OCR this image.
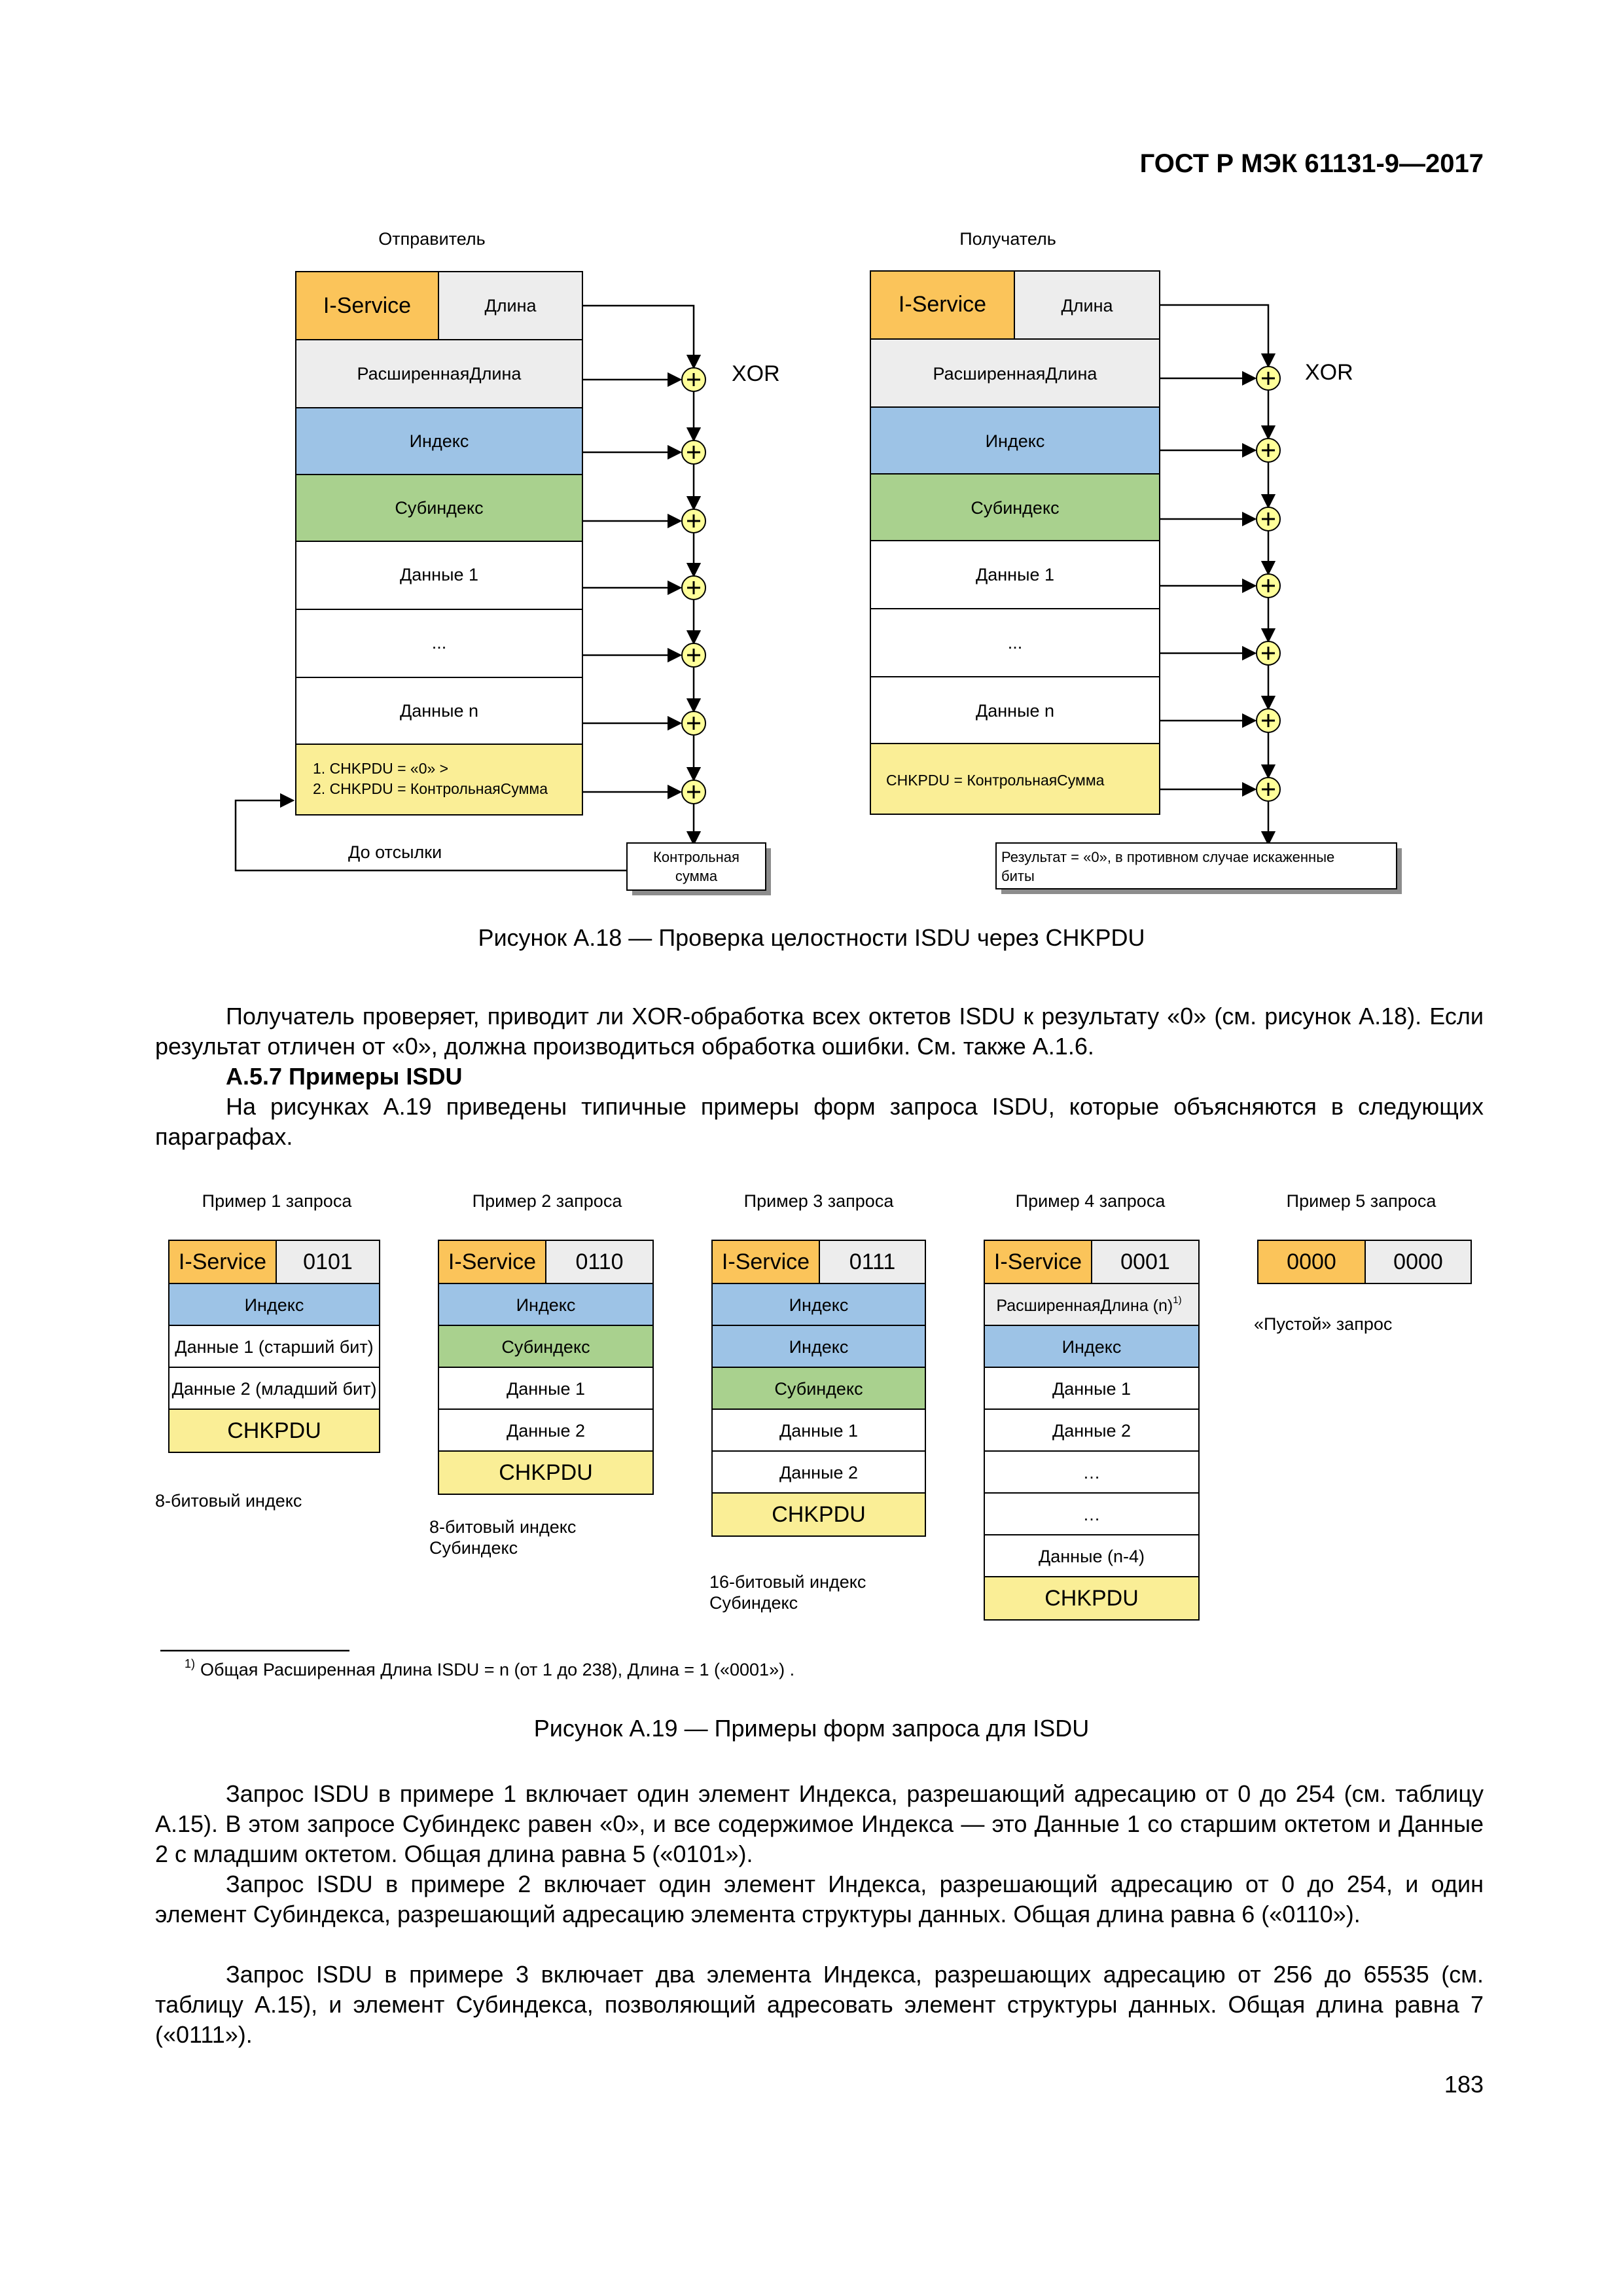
ГОСТ Р МЭК 61131-9—2017
Отправитель	Получатель
I-Service	Длина
РасширеннаяДлина
Индекс
Субиндекс
Данные 1
...
Данные n
1. CHKPDU = «0» >
2. CHKPDU = КонтрольнаяСумма
XOR
До отсылки	Контрольная
сумма
I-Service	Длина
РасширеннаяДлина
Индекс
Субиндекс
Данные 1
...
Данные n
CHKPDU = КонтрольнаяСумма
XOR
Результат = «0», в противном случае искаженные
биты
Рисунок А.18 — Проверка целостности ISDU через CHKPDU
Получатель проверяет, приводит ли XOR-обработка всех октетов ISDU к результату «0» (см. рисунок А.18). Если результат отличен от «0», должна производиться обработка ошибки. См. также А.1.6.
А.5.7 Примеры ISDU
На рисунках А.19 приведены типичные примеры форм запроса ISDU, которые объясняются в следующих параграфах.
Пример 1 запроса
I-Service 0101
Индекс
Данные 1 (старший бит)
Данные 2 (младший бит)
CHKPDU
8-битовый индекс
Пример 2 запроса
I-Service 0110
Индекс
Субиндекс
Данные 1
Данные 2
CHKPDU
8-битовый индекс
Субиндекс
Пример 3 запроса
I-Service 0111
Индекс
Индекс
Субиндекс
Данные 1
Данные 2
CHKPDU
16-битовый индекс
Субиндекс
Пример 4 запроса
I-Service 0001
РасширеннаяДлина $(n)^{1)}$
Индекс
Данные 1
Данные 2
…
…
Данные (n-4)
CHKPDU
Пример 5 запроса
0000	0000
«Пустой» запрос
$^{1)}$ Общая Расширенная Длина ISDU = n (от 1 до 238), Длина = 1 («0001») .
Рисунок А.19 — Примеры форм запроса для ISDU
Запрос ISDU в примере 1 включает один элемент Индекса, разрешающий адресацию от 0 до 254 (см. таблицу А.15). В этом запросе Субиндекс равен «0», и все содержимое Индекса — это Данные 1 со старшим октетом и Данные 2 с младшим октетом. Общая длина равна 5 («0101»).
Запрос ISDU в примере 2 включает один элемент Индекса, разрешающий адресацию от 0 до 254, и один элемент Субиндекса, разрешающий адресацию элемента структуры данных. Общая длина равна 6 («0110»).
Запрос ISDU в примере 3 включает два элемента Индекса, разрешающих адресацию от 256 до 65535 (см. таблицу А.15), и элемент Субиндекса, позволяющий адресовать элемент структуры данных. Общая длина равна 7 («0111»).
183
